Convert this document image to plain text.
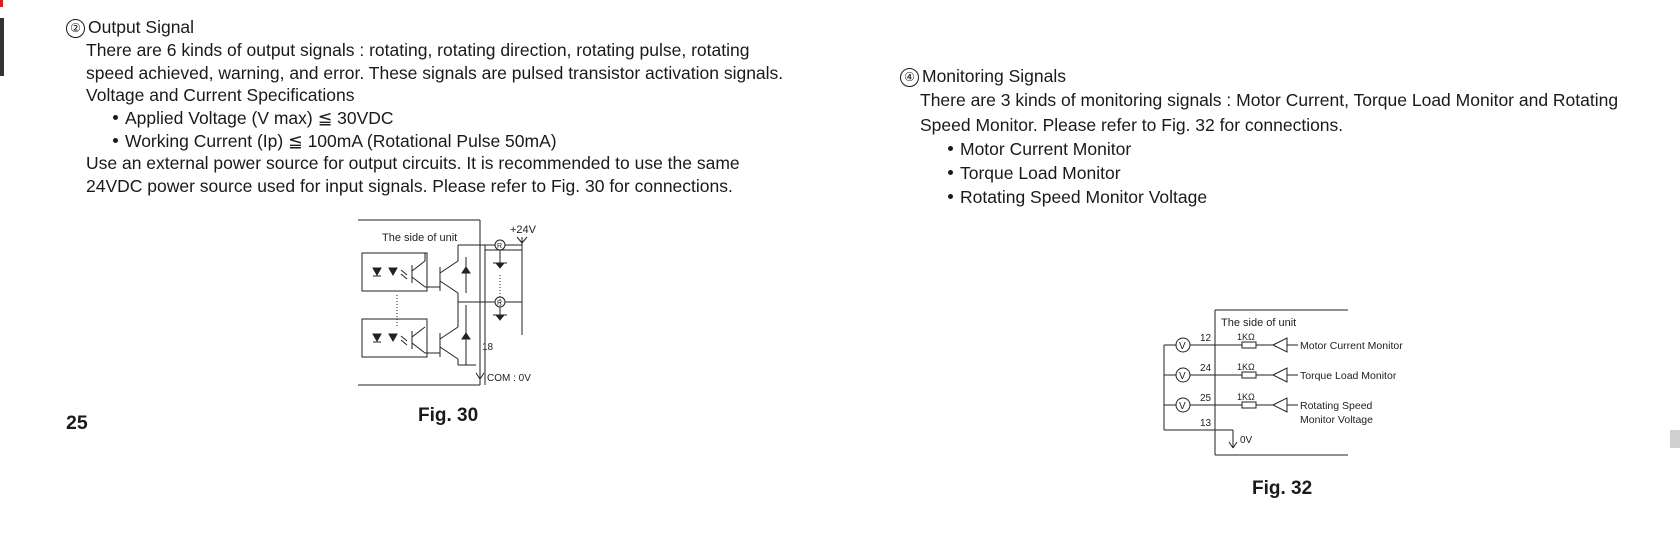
② Output Signal
There are 6 kinds of output signals : rotating, rotating direction, rotating pulse, rotating
speed achieved, warning, and error. These signals are pulsed transistor activation signals.
Voltage and Current Specifications
Applied Voltage (V max) ≦ 30VDC
Working Current (Ip) ≦ 100mA (Rotational Pulse 50mA)
Use an external power source for output circuits. It is recommended to use the same
24VDC power source used for input signals. Please refer to Fig. 30 for connections.
The side of unit
+24V
R
R
18
COM : 0V
Fig. 30
25
④ Monitoring Signals
There are 3 kinds of monitoring signals : Motor Current, Torque Load Monitor and Rotating
Speed Monitor. Please refer to Fig. 32 for connections.
Motor Current Monitor
Torque Load Monitor
Rotating Speed Monitor Voltage
The side of unit
V
12	1KΩ
Motor Current Monitor
V
24	1KΩ
Torque Load Monitor
V
25	1KΩ
Rotating Speed
Monitor Voltage
13
0V
Fig. 32
